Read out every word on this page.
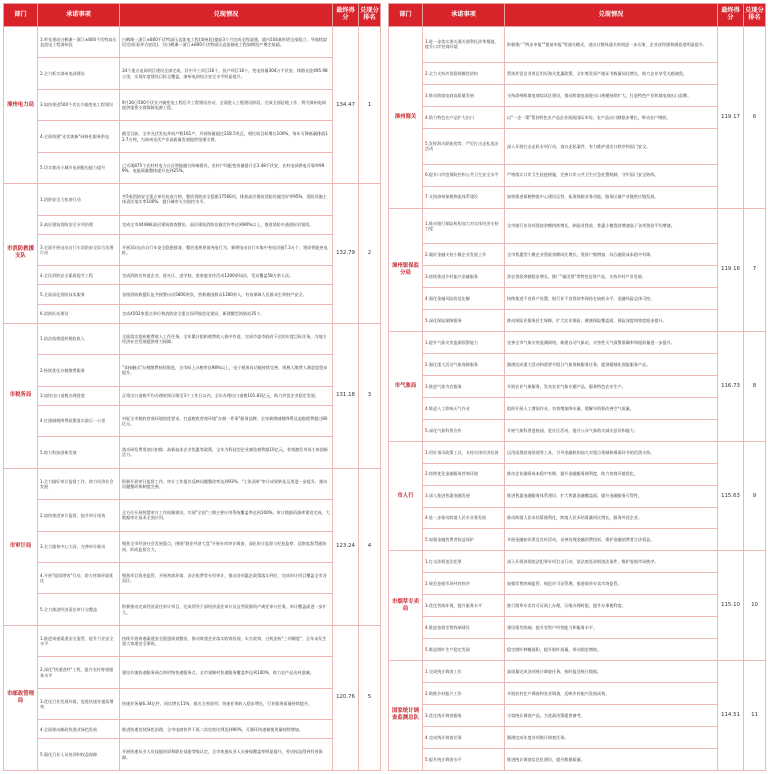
部门	承诺事项	兑现情况	最终得分	兑现分排名
漳州电力局	1.率先建成白鹤滩－浙江±800千伏特高压直流电工程漳州段	白鹤滩－浙江±800千伏特高压直流电工程(漳州段)提前3个月完成全线架通，境内104基杆塔全部组立，导地线架设完成(看齐吉安段)，为白鹤滩－浙江±800千伏特高压直流输电工程如期投产奠定基础。	134.47	1
	2.全力抓实漳州电网建设	34个重点电网项目建设全部完成，其中开工项目16个，投产项目16个，变电容量304万千伏安，线路长度495.98公里，实现年度建设目标全覆盖，漳州电网综合安全水平明显提升。		
	3.加快推进500千伏长兴输变电工程建设	9月26日500千伏长兴输变电工程后开工程建设启动，全面进入工程建设阶段，完成全部征地工作，将为漳州电网提供重要支撑保障电源工程。		
	4.全面构建"光伏焕新"网格化服务供电	截至目前，全市光伏发电并网户数161户，并网容量超过218.5兆瓦，相比较目标增长100%，每年可降低碳排放12.7万吨，为漳州光伏产业高质量发展提供坚强支撑。		
	5.切实推动小城乡电网配电能力提升	已实现875个农村村电力台区智能融合终端建设，农村户均配变容量提升至3.48千伏安，农村电网供电可靠率99.9%，电能质量整体提升达到25%。		
市消防救援支队	1.消防安全大检查行动	共5家消防安全重点单位检查合格，整治消防安全隐患17566项，排查高层建筑消防设施完好率95%，消防设施主体责任落实率100%，提升城市火灾防控水平。	132.79	2
	2.高层建筑消防安全专项治理	完成全市4448栋高层建筑排查整治，高层建筑消防设施完好率达到90%以上，推进消防车通道标识划线。		
	3.全面开展电动自行车消防安全综合治理行动	开展3次电动自行车安全隐患排查，整治违规停放充电行为，新增电动自行车集中充电设施7.3万个，建成智能充电桩。		
	4.全民消防安全素质提升工程	完成消防宣传进企业、进社区、进学校、进家庭宣传活动1200余场次，受众覆盖58万余人次。		
	5.全面深化消防技术服务	各级消防救援队伍共接警出动5800余次，营救被困群众1300余人，有效保障人民群众生命财产安全。		
	6.消防队站建设	完成4502家重点单位和消防安全重点场所规范化建设，新建微型消防站35个。		
市税务局	1.依法依规组织税收收入	全面落实组织税费收入工作任务，全年累计组织税费收入稳中有进，完成市委市政府下达的年度目标任务，为地方经济社会发展提供财力保障。	131.18	3
	2.持续优化办税缴费服务	"非接触式"办税缴费持续推进，全市网上办税率达98%以上，电子税务局功能持续完善，纳税人缴费人满意度稳步提升。		
	3.加快出口退税办理进度	正常出口退税平均办理时间压缩至3个工作日以内，全年办理出口退税101.83亿元，助力外贸企业稳定发展。		
	4.打通减税降费政策落实最后一公里	对标全市税收营商环境创优要求，打造税收营商环境"办税一件事"服务品牌，全年新增减税降费及退税缓费超过80亿元。		
	5.助力科技创新发展	落实研发费用加计扣除、高新技术企业优惠等政策，全年为科技型企业减免税费超10亿元，有效激发市场主体创新活力。		
市审计局	1.全力做好审计监督工作，助力经济社会发展	积极开展审计监督工作，审计工作报告反映问题整改率达到93%，"七张清单"审计成果转化运用进一步提升，推动问题整改和制度完善。	123.24	4
	2.加快推进审计监督，提升审计质效	全方位开展智慧审计工作机制建设，实现"全国"三期主要应用系统覆盖率达到100%，审计数据资源库建设完成，大数据审计技术全面应用。		
	3.全力服务中心大局，完善审计联动	聚焦全市经济社会发展重点，围绕"稳住经济大盘"开展专项审计调查，深化审计监督与纪检监察、巡察监督贯通协同，形成监督合力。		
	4.开展"提质增效"行动，助力营商环境优化	聚焦项目资金监管，开展营商环境、涉企收费等专项审计，推动各项惠企政策落实到位，完成审计项目覆盖全市各县区。		
	5.全力推进经济责任审计全覆盖	积极推动完成经济责任审计项目，完成领导干部经济责任审计及自然资源资产离任审计任务，审计覆盖面进一步扩大。		
市邮政管理局	1.推进寄递渠道安全监管，提升行业安全水平	持续开展寄递渠道安全隐患排查整治，推动寄递企业落实收寄验视、实名收寄、过机安检"三项制度"，全年未发生重大寄递安全事故。	120.76	5
	2.深化"快递进村"工程，提升农村寄递服务水平	建设乡镇快递服务网点和村级快递服务点，全市建制村快递服务覆盖率达到100%，助力农产品出村进城。		
	3.优化行业发展环境，促进快递业提质增效	快递业务量6.34亿件，同比增长11%，排名全省前列；快递业务收入稳步增长，行业服务质量持续提升。		
	4.全面推动邮政快递业绿色发展	推进快递包装绿色治理，全市电商快件不再二次包装比例达到90%，可循环快递箱使用量持续增加。		
	5.强化行业人员培训和权益保障	开展快递从业人员技能培训和职业技能等级认定，全市快递从业人员参保覆盖率明显提升，劳动权益得到有效保障。		
部门	承诺事项	兑现情况	最终得分	兑现分排名
漳州海关	1.进一步落实海关通关便利化改革措施，提升口岸营商环境	积极推广"两步申报""提前申报"等通关模式，进出口整体通关时间进一步压缩，企业获得感和满意度明显提升。	119.17	6
	2.全力支持外贸稳规模优结构	帮扶外贸企业用足用好海关优惠政策，全年签发原产地证书数量同比增长，助力企业享受关税减免。		
	3.推动跨境电商高质量发展	支持漳州跨境电商综试区建设，推动跨境电商进出口规模持续扩大，打造特色产业跨境电商出口品牌。		
	4.助力特色农产品扩大出口	以"一企一策"帮扶特色农产品企业拓展国际市场，农产品出口额稳步增长，带动农户增收。		
	5.发挥海关职能优势，严厉打击走私违法活动	深入开展打击走私专项行动，查办走私案件，有力维护进出口秩序和国门安全。		
	6.提升口岸疫情防控和公共卫生安全水平	严格落实口岸卫生检疫措施，完善口岸公共卫生应急处置机制，守牢国门安全防线。		
	7.支持漳州保税物流体系建设	加快推进保税物流中心建设运营，拓展保税业务功能，服务区域产业链供应链发展。		
漳州银保监分局	1.推动银行保险机构加大对实体经济支持力度	全市银行业各项贷款余额持续增长，制造业贷款、普惠小微贷款增速高于各项贷款平均增速。	119.16	7
	2.做好金融支持小微企业发展工作	全市普惠型小微企业贷款余额同比增长，贷款户数增加，综合融资成本稳中有降。		
	3.持续推进乡村振兴金融服务	涉农贷款余额稳步增长，推广"福田贷"等特色信贷产品，支持乡村产业发展。		
	4.强化金融风险防范化解	持续推进不良资产处置，银行业不良贷款率保持在较低水平，金融风险总体可控。		
	5.深化保险保障服务	推动保险业服务民生保障，扩大农业保险、健康保险覆盖面，保险深度和密度稳步提升。		
市气象局	1.提升气象灾害监测预警能力	完善全市气象灾害监测网络，新建自动气象站，灾害性天气预警准确率和提前量进一步提升。	116.73	8
	2.强化重大活动气象保障服务	圆满完成重大活动和重要节假日气象保障服务任务，提供精细化预报服务产品。		
	3.推进气象为农服务	开展农业气象服务，发布农业气象专题产品，服务特色农业生产。		
	4.推进人工影响天气作业	组织开展人工增雨作业，有效增加降水量，缓解旱情和改善空气质量。		
	5.深化气象科普宣传	开展气象科普进校园、进社区活动，提升公众气象防灾减灾意识和能力。		
市人行	1.用好货币政策工具，支持实体经济发展	运用再贷款再贴现等工具，引导金融机构加大对重点领域和薄弱环节的信贷支持。	115.63	9
	2.持续优化金融服务营商环境	推动企业融资成本稳中有降，提升金融服务便利度，助力营商环境优化。		
	3.深入推进普惠金融发展	推进普惠金融服务体系建设，扩大普惠金融覆盖面，提升金融服务可得性。		
	4.进一步推动跨境人民币业务发展	推动跨境人民币结算便利化，跨境人民币结算量同比增长，服务外贸企业。		
	5.加强金融消费者权益保护	开展金融知识普及宣传活动，妥善处理金融消费投诉，维护金融消费者合法权益。		
市烟草专卖局	1.打击涉烟违法犯罪	深入开展涉烟违法犯罪专项打击行动，依法查处涉烟违法案件，维护卷烟市场秩序。	115.10	10
	2.规范卷烟市场经营秩序	加强零售终端监管，规范许可证管理，推进烟草专卖市场监管。		
	3.优化营商环境，提升服务水平	推行烟草专卖许可证网上办理，压缩办理时限，提升办事便利度。		
	4.推进卷烟零售终端建设	建设现代终端，提升零售户经营能力和服务水平。		
	5.推进烟叶生产稳定发展	稳定烟叶种植面积，提升烟叶质量，带动烟农增收。		
国家统计调查监测总队	1.完成统计调查工作	高质量完成各项统计调查任务，按时报送统计数据。	114.51	11
	2.助推乡村振兴工作	开展农村住户调查和农业调查，反映乡村振兴发展成效。		
	3.优化统计调查服务	丰富统计调查产品，为党政决策提供参考。		
	4.完成统计调查任务	圆满完成年度各项统计调查任务。		
	5.提升统计调查水平	推进统计调查信息化建设，提升数据质量。		
